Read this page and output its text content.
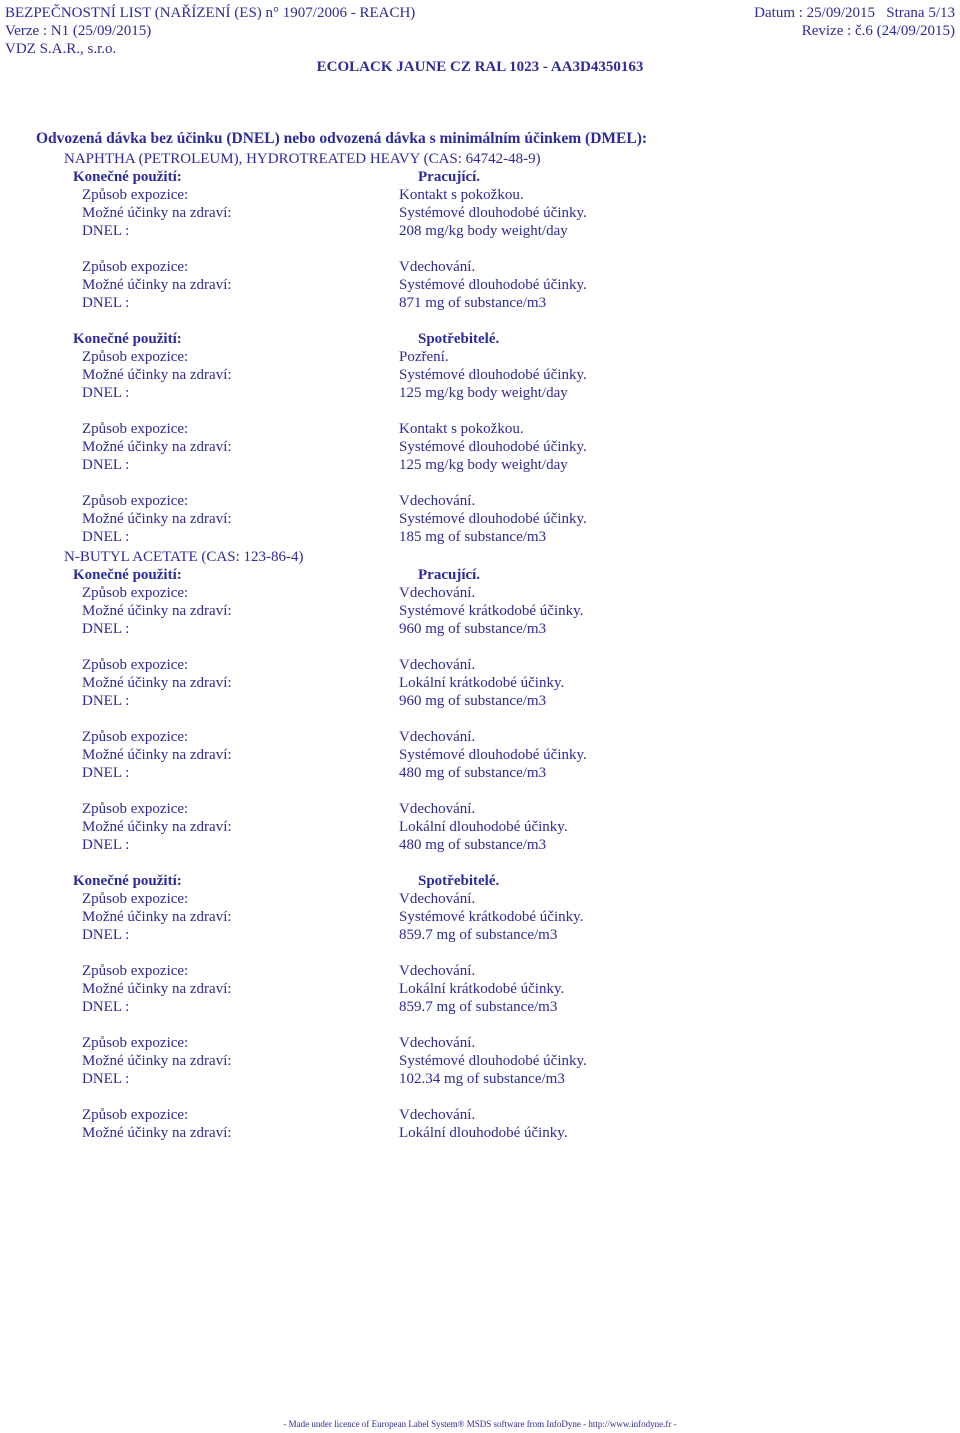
BEZPEČNOSTNÍ LIST (NAŘÍZENÍ (ES) n° 1907/2006 - REACH)	Datum : 25/09/2015 Strana 5/13
Verze : N1 (25/09/2015)	Revize : č.6 (24/09/2015)
VDZ S.A.R., s.r.o.
ECOLACK JAUNE CZ RAL 1023 - AA3D4350163
Odvozená dávka bez účinku (DNEL) nebo odvozená dávka s minimálním účinkem (DMEL):
NAPHTHA (PETROLEUM), HYDROTREATED HEAVY (CAS: 64742-48-9)
Konečné použití:	Pracující.
Způsob expozice:	Kontakt s pokožkou.
Možné účinky na zdraví:	Systémové dlouhodobé účinky.
DNEL :	208 mg/kg body weight/day
Způsob expozice:	Vdechování.
Možné účinky na zdraví:	Systémové dlouhodobé účinky.
DNEL :	871 mg of substance/m3
Konečné použití:	Spotřebitelé.
Způsob expozice:	Pozření.
Možné účinky na zdraví:	Systémové dlouhodobé účinky.
DNEL :	125 mg/kg body weight/day
Způsob expozice:	Kontakt s pokožkou.
Možné účinky na zdraví:	Systémové dlouhodobé účinky.
DNEL :	125 mg/kg body weight/day
Způsob expozice:	Vdechování.
Možné účinky na zdraví:	Systémové dlouhodobé účinky.
DNEL :	185 mg of substance/m3
N-BUTYL ACETATE (CAS: 123-86-4)
Konečné použití:	Pracující.
Způsob expozice:	Vdechování.
Možné účinky na zdraví:	Systémové krátkodobé účinky.
DNEL :	960 mg of substance/m3
Způsob expozice:	Vdechování.
Možné účinky na zdraví:	Lokální krátkodobé účinky.
DNEL :	960 mg of substance/m3
Způsob expozice:	Vdechování.
Možné účinky na zdraví:	Systémové dlouhodobé účinky.
DNEL :	480 mg of substance/m3
Způsob expozice:	Vdechování.
Možné účinky na zdraví:	Lokální dlouhodobé účinky.
DNEL :	480 mg of substance/m3
Konečné použití:	Spotřebitelé.
Způsob expozice:	Vdechování.
Možné účinky na zdraví:	Systémové krátkodobé účinky.
DNEL :	859.7 mg of substance/m3
Způsob expozice:	Vdechování.
Možné účinky na zdraví:	Lokální krátkodobé účinky.
DNEL :	859.7 mg of substance/m3
Způsob expozice:	Vdechování.
Možné účinky na zdraví:	Systémové dlouhodobé účinky.
DNEL :	102.34 mg of substance/m3
Způsob expozice:	Vdechování.
Možné účinky na zdraví:	Lokální dlouhodobé účinky.
- Made under licence of European Label System® MSDS software from InfoDyne - http://www.infodyne.fr -
